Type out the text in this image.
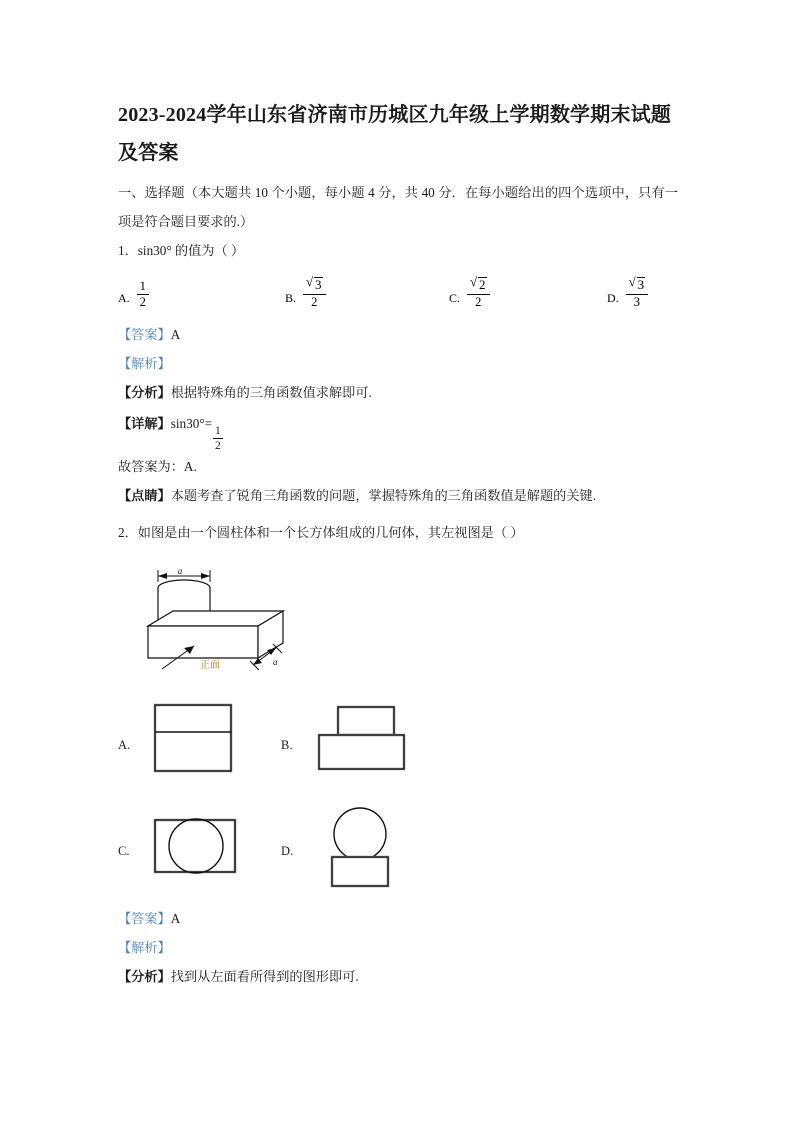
2023-2024学年山东省济南市历城区九年级上学期数学期末试题及答案

一、选择题（本大题共 10 个小题，每小题 4 分，共 40 分．在每小题给出的四个选项中，只有一项是符合题目要求的.）

1．sin30° 的值为（ ）

A. $\frac{1}{2}$	B. √ $\frac{3}{2}$	C. √ $\frac{2}{2}$	D. √ $\frac{3}{3}$

【答案】A

【解析】

【分析】根据特殊角的三角函数值求解即可.

【详解】sin30°=
$\frac{1}{2}$

故答案为：A.

【点睛】本题考查了锐角三角函数的问题，掌握特殊角的三角函数值是解题的关键.

2．如图是由一个圆柱体和一个长方体组成的几何体，其左视图是（ ）

a
正面	a
A.	B.
C.	D.

【答案】A

【解析】

【分析】找到从左面看所得到的图形即可.
